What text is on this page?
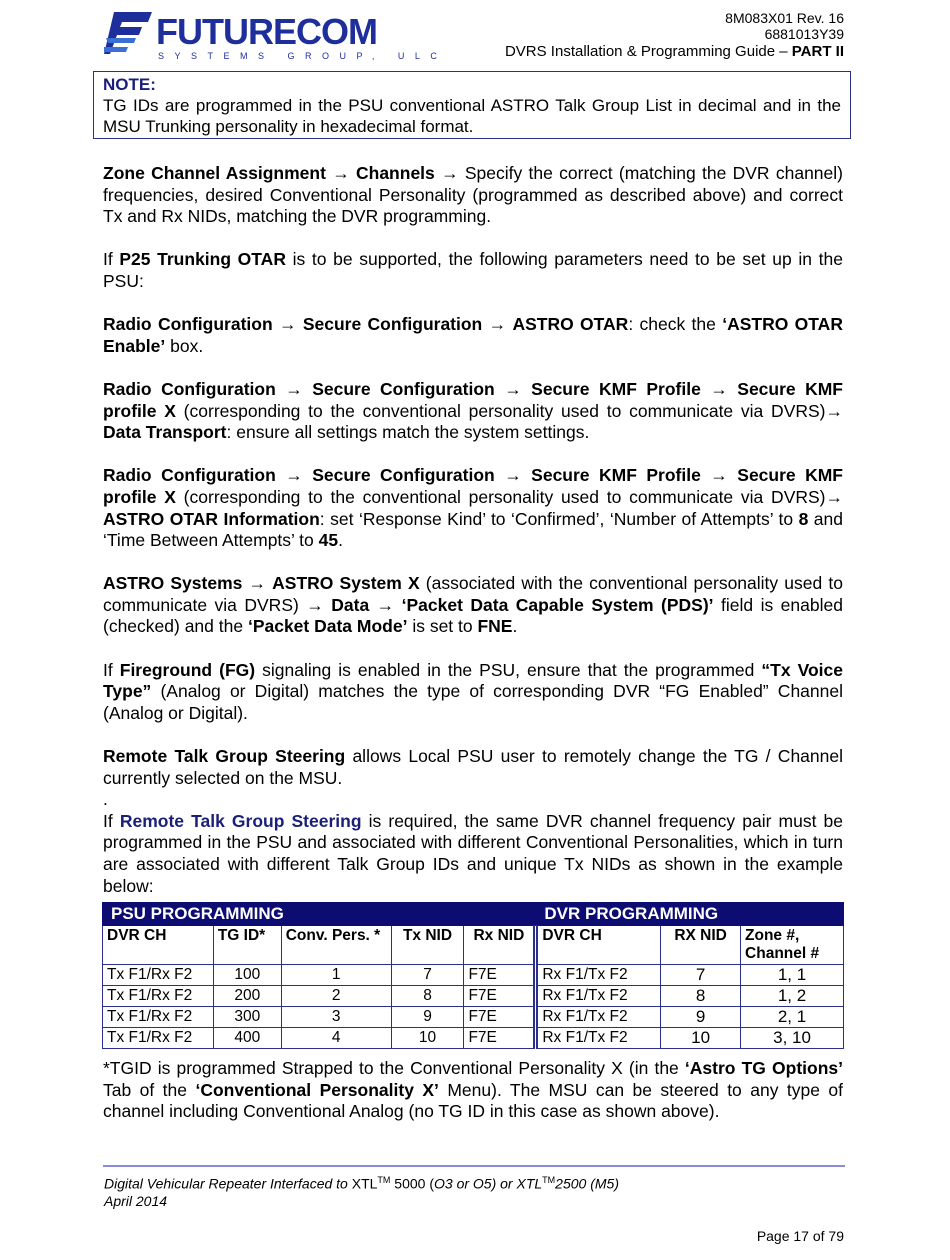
FUTURECOM
SYSTEMS GROUP, ULC
8M083X01 Rev. 16
6881013Y39
DVRS Installation & Programming Guide – PART II
NOTE:
TG IDs are programmed in the PSU conventional ASTRO Talk Group List in decimal and in the MSU Trunking personality in hexadecimal format.

Zone Channel Assignment → Channels → Specify the correct (matching the DVR channel) frequencies, desired Conventional Personality (programmed as described above) and correct Tx and Rx NIDs, matching the DVR programming.

If P25 Trunking OTAR is to be supported, the following parameters need to be set up in the PSU:

Radio Configuration → Secure Configuration → ASTRO OTAR: check the ‘ASTRO OTAR Enable’ box.

Radio Configuration → Secure Configuration → Secure KMF Profile → Secure KMF profile X (corresponding to the conventional personality used to communicate via DVRS)→ Data Transport: ensure all settings match the system settings.

Radio Configuration → Secure Configuration → Secure KMF Profile → Secure KMF profile X (corresponding to the conventional personality used to communicate via DVRS)→ ASTRO OTAR Information: set ‘Response Kind’ to ‘Confirmed’, ‘Number of Attempts’ to 8 and ‘Time Between Attempts’ to 45.

ASTRO Systems → ASTRO System X (associated with the conventional personality used to communicate via DVRS) → Data → ‘Packet Data Capable System (PDS)’ field is enabled (checked) and the ‘Packet Data Mode’ is set to FNE.

If Fireground (FG) signaling is enabled in the PSU, ensure that the programmed “Tx Voice Type” (Analog or Digital) matches the type of corresponding DVR “FG Enabled” Channel (Analog or Digital).

Remote Talk Group Steering allows Local PSU user to remotely change the TG / Channel currently selected on the MSU.

.

If Remote Talk Group Steering is required, the same DVR channel frequency pair must be programmed in the PSU and associated with different Conventional Personalities, which in turn are associated with different Talk Group IDs and unique Tx NIDs as shown in the example below:

PSU PROGRAMMING					DVR PROGRAMMING		
DVR CH	TG ID*	Conv. Pers. *	Tx NID	Rx NID	DVR CH	RX NID	Zone #, Channel #
Tx F1/Rx F2	100	1	7	F7E	Rx F1/Tx F2	7	1, 1
Tx F1/Rx F2	200	2	8	F7E	Rx F1/Tx F2	8	1, 2
Tx F1/Rx F2	300	3	9	F7E	Rx F1/Tx F2	9	2, 1
Tx F1/Rx F2	400	4	10	F7E	Rx F1/Tx F2	10	3, 10
*TGID is programmed Strapped to the Conventional Personality X (in the ‘Astro TG Options’ Tab of the ‘Conventional Personality X’ Menu). The MSU can be steered to any type of channel including Conventional Analog (no TG ID in this case as shown above).
Digital Vehicular Repeater Interfaced to XTL™ 5000 (O3 or O5) or XTL™2500 (M5)
April 2014
Page 17 of 79
